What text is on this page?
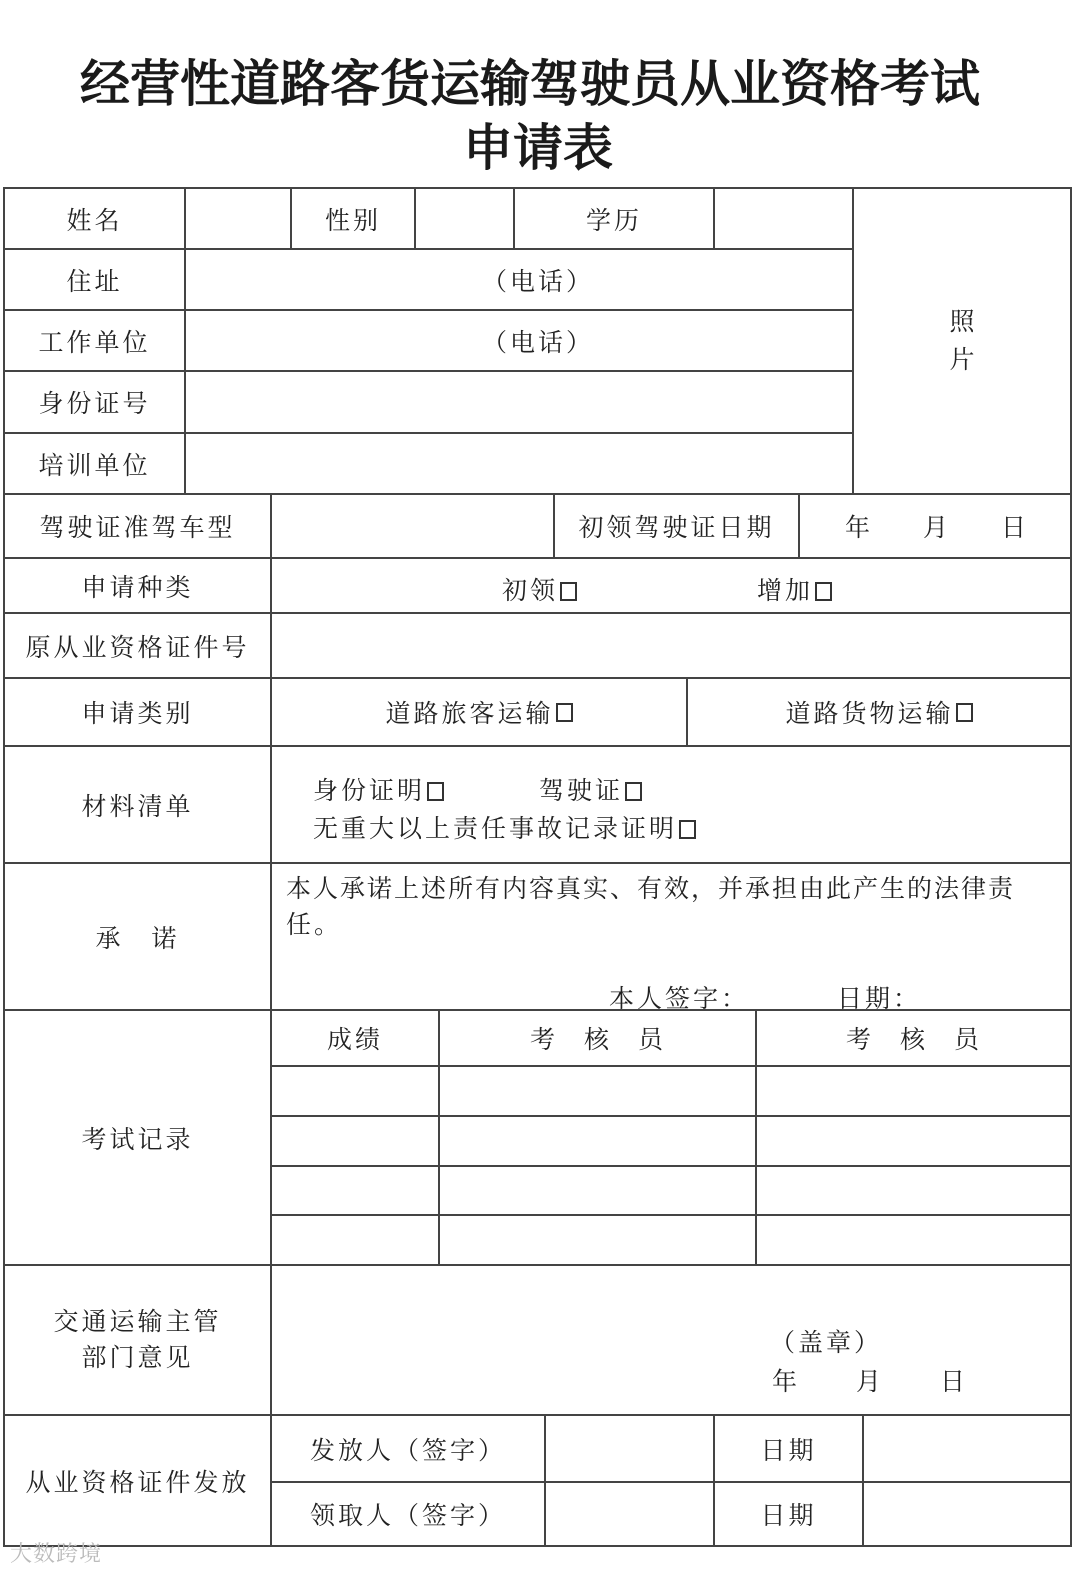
经营性道路客货运输驾驶员从业资格考试
申请表
姓名	性别	学历
照
片
住址	（电话）
工作单位	（电话）
身份证号
培训单位
驾驶证准驾车型	初领驾驶证日期	年　月　日
申请种类	初领	增加
原从业资格证件号
申请类别	道路旅客运输	道路货物运输
材料清单
身份证明	驾驶证
无重大以上责任事故记录证明
承　诺
本人承诺上述所有内容真实、有效，并承担由此产生的法律责
任。
本人签字：	日期：
考试记录
成绩	考　核　员	考　核　员
交通运输主管
部门意见
（盖章）
年　　月　　日
从业资格证件发放
发放人（签字）	日期
领取人（签字）	日期
大数跨境
